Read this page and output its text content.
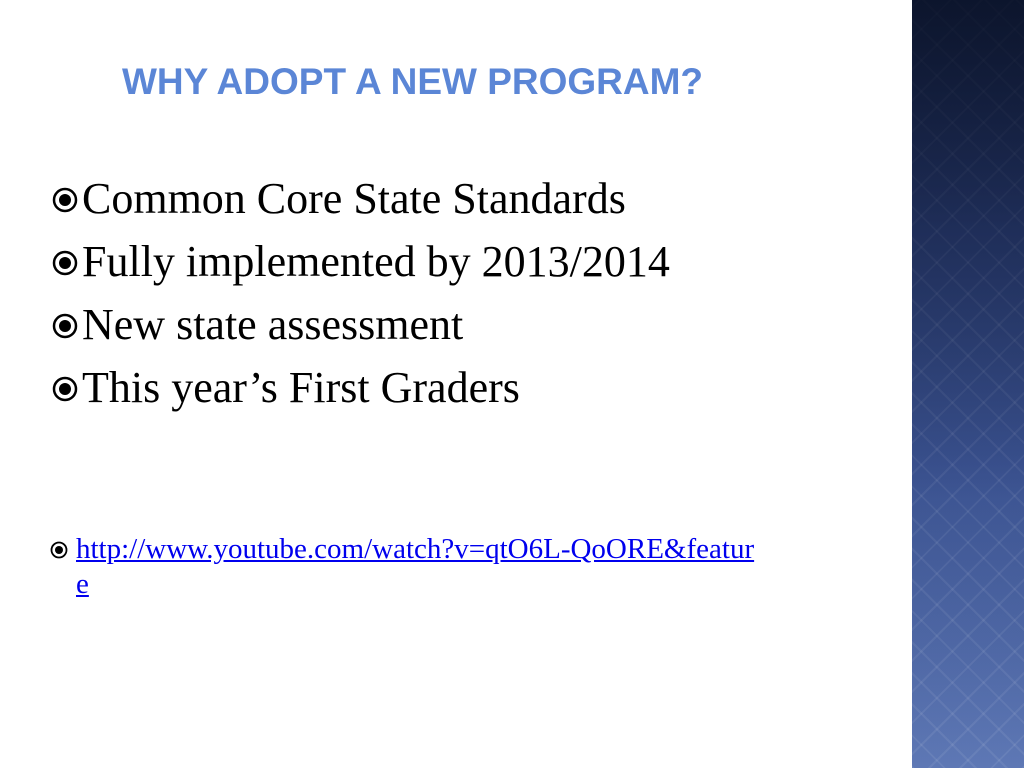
WHY ADOPT A NEW PROGRAM?
Common Core State Standards
Fully implemented by 2013/2014
New state assessment
This year’s First Graders
http://www.youtube.com/watch?v=qtO6L-QoORE&feature
